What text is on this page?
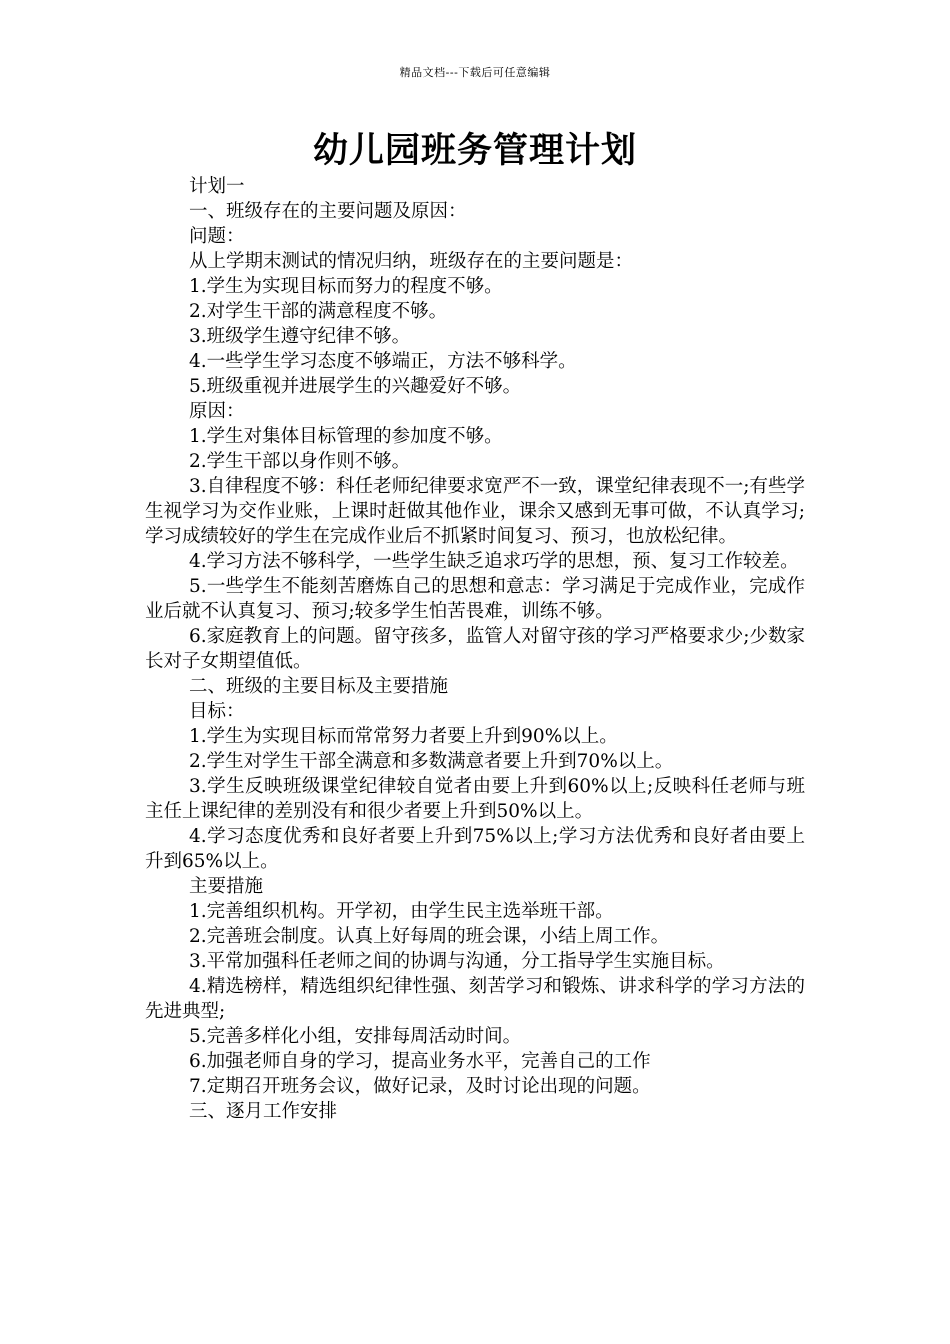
精品文档---下载后可任意编辑
幼儿园班务管理计划

计划一

一、班级存在的主要问题及原因：

问题：

从上学期末测试的情况归纳，班级存在的主要问题是：

1.学生为实现目标而努力的程度不够。

2.对学生干部的满意程度不够。

3.班级学生遵守纪律不够。

4.一些学生学习态度不够端正，方法不够科学。

5.班级重视并进展学生的兴趣爱好不够。

原因：

1.学生对集体目标管理的参加度不够。

2.学生干部以身作则不够。

3.自律程度不够：科任老师纪律要求宽严不一致，课堂纪律表现不一;有些学生视学习为交作业账，上课时赶做其他作业，课余又感到无事可做，不认真学习;学习成绩较好的学生在完成作业后不抓紧时间复习、预习，也放松纪律。

4.学习方法不够科学，一些学生缺乏追求巧学的思想，预、复习工作较差。

5.一些学生不能刻苦磨炼自己的思想和意志：学习满足于完成作业，完成作业后就不认真复习、预习;较多学生怕苦畏难，训练不够。

6.家庭教育上的问题。留守孩多，监管人对留守孩的学习严格要求少;少数家长对子女期望值低。

二、班级的主要目标及主要措施

目标：

1.学生为实现目标而常常努力者要上升到90%以上。

2.学生对学生干部全满意和多数满意者要上升到70%以上。

3.学生反映班级课堂纪律较自觉者由要上升到60%以上;反映科任老师与班主任上课纪律的差别没有和很少者要上升到50%以上。

4.学习态度优秀和良好者要上升到75%以上;学习方法优秀和良好者由要上升到65%以上。

主要措施

1.完善组织机构。开学初，由学生民主选举班干部。

2.完善班会制度。认真上好每周的班会课，小结上周工作。

3.平常加强科任老师之间的协调与沟通，分工指导学生实施目标。

4.精选榜样，精选组织纪律性强、刻苦学习和锻炼、讲求科学的学习方法的先进典型;

5.完善多样化小组，安排每周活动时间。

6.加强老师自身的学习，提高业务水平，完善自己的工作

7.定期召开班务会议，做好记录，及时讨论出现的问题。

三、逐月工作安排
